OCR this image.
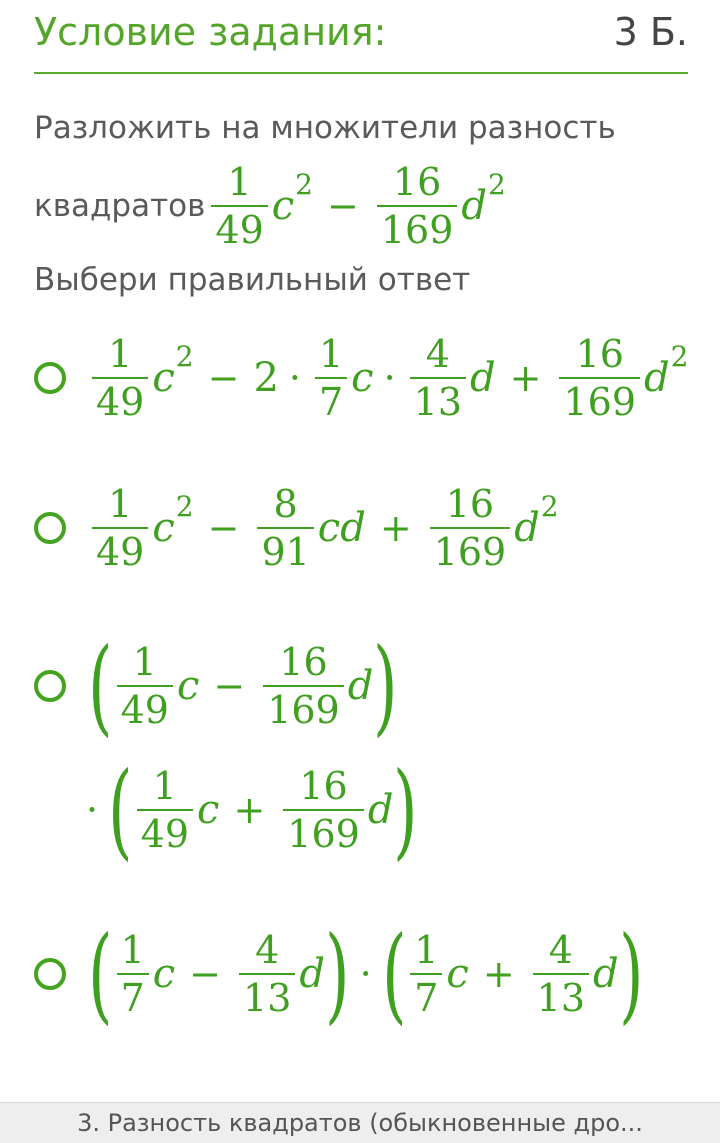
Условие задания:	3 Б.
Разложить на множители разность
квадратов $\frac{1}{49}$ c $2 - \frac{16}{169}$ d 2
Выбери правильный ответ
$\frac{1}{49}$ c $2 - 2 \cdot \frac{1}{7}$ $c \cdot \frac{4}{13}$ $d + \frac{16}{169}$ d 2
$\frac{1}{49}$ c $2 - \frac{8}{91}$ cd + $\frac{16}{169}$ d 2
( $\frac{1}{49}$ $c - \frac{16}{169}$ d )
· ( $\frac{1}{49}$ $c + \frac{16}{169}$ d )
( $\frac{1}{7}$ $c - \frac{4}{13}$ d ) · ( $\frac{1}{7}$ $c + \frac{4}{13}$ d )
3. Разность квадратов (обыкновенные дро...
